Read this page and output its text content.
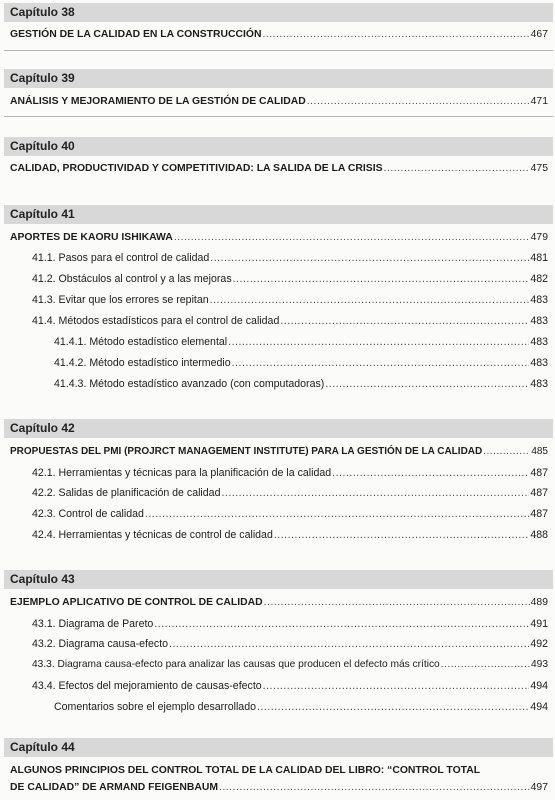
Capítulo 38
GESTIÓN DE LA CALIDAD EN LA CONSTRUCCIÓN .....	467
Capítulo 39
ANÁLISIS Y MEJORAMIENTO DE LA GESTIÓN DE CALIDAD .....	471
Capítulo 40
CALIDAD, PRODUCTIVIDAD Y COMPETITIVIDAD: LA SALIDA DE LA CRISIS .....	475
Capítulo 41
APORTES DE KAORU ISHIKAWA .....	479
41.1. Pasos para el control de calidad .....	481
41.2. Obstáculos al control y a las mejoras .....	482
41.3. Evitar que los errores se repitan .....	483
41.4. Métodos estadísticos para el control de calidad .....	483
41.4.1. Método estadístico elemental .....	483
41.4.2. Método estadístico intermedio .....	483
41.4.3. Método estadístico avanzado (con computadoras) .....	483
Capítulo 42
PROPUESTAS DEL PMI (PROJRCT MANAGEMENT INSTITUTE) PARA LA GESTIÓN DE LA CALIDAD .....	485
42.1. Herramientas y técnicas para la planificación de la calidad .....	487
42.2. Salidas de planificación de calidad .....	487
42.3. Control de calidad .....	487
42.4. Herramientas y técnicas de control de calidad .....	488
Capítulo 43
EJEMPLO APLICATIVO DE CONTROL DE CALIDAD .....	489
43.1. Diagrama de Pareto .....	491
43.2. Diagrama causa-efecto .....	492
43.3. Diagrama causa-efecto para analizar las causas que producen el defecto más crítico .....	493
43.4. Efectos del mejoramiento de causas-efecto .....	494
Comentarios sobre el ejemplo desarrollado .....	494
Capítulo 44
ALGUNOS PRINCIPIOS DEL CONTROL TOTAL DE LA CALIDAD DEL LIBRO: “CONTROL TOTAL
DE CALIDAD” DE ARMAND FEIGENBAUM .....	497
